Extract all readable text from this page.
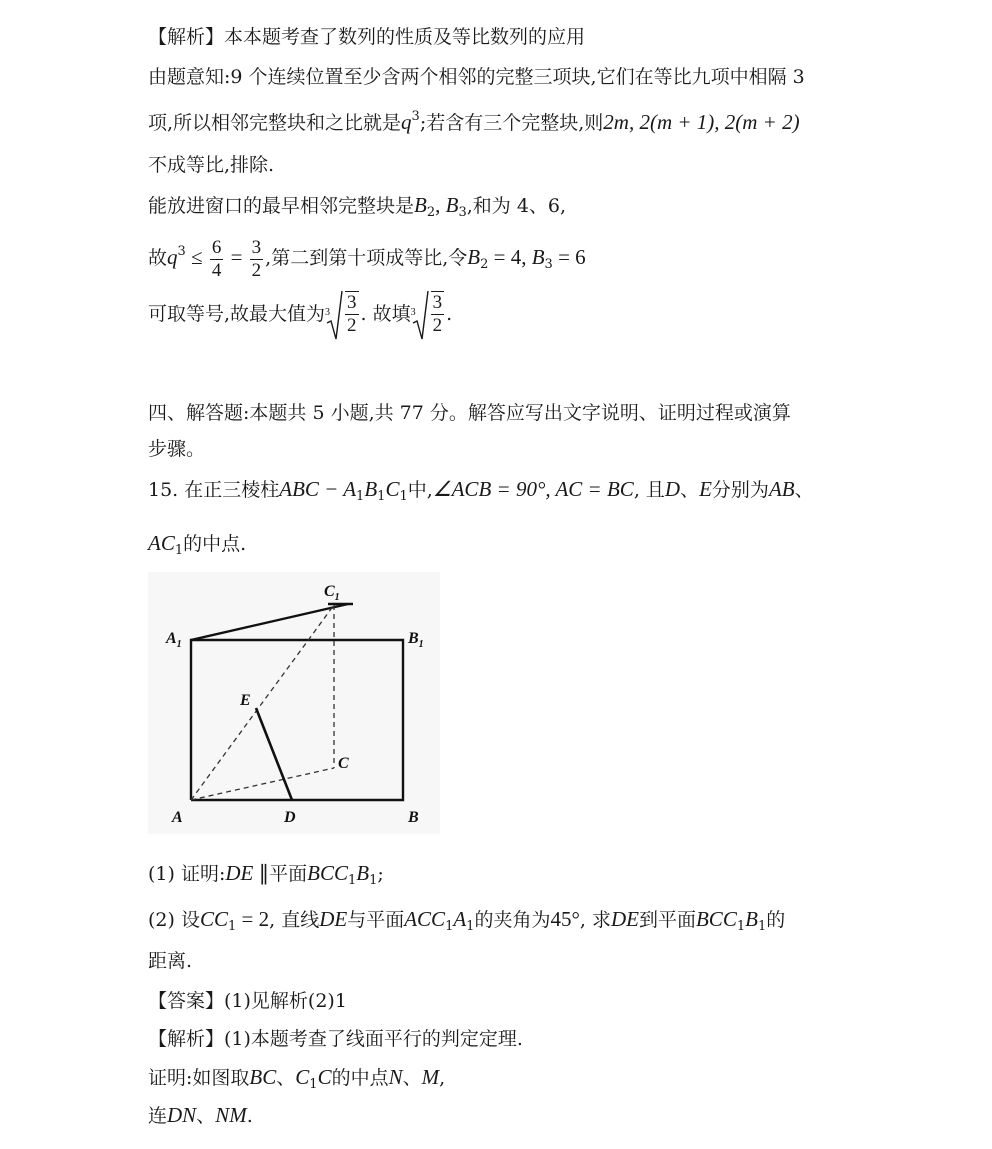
【解析】本本题考查了数列的性质及等比数列的应用
由题意知:9 个连续位置至少含两个相邻的完整三项块,它们在等比九项中相隔 3
项,所以相邻完整块和之比就是$q^3$;若含有三个完整块,则2m, 2(m + 1), 2(m + 2)
不成等比,排除.
能放进窗口的最早相邻完整块是$B_2$, $B_3$,和为 4、6,
故$q^3 \le \frac{6}{4} = \frac{3}{2}$ ,第二到第十项成等比,令$B_2 = 4$, $B_3 = 6$
可取等号,故最大值为 $3 \frac{3}{2}$ . 故填 $3 \frac{3}{2}$ .
四、解答题:本题共 5 小题,共 77 分。解答应写出文字说明、证明过程或演算
步骤。
15. 在正三棱柱ABC − $A_1B_1C_1$中,∠ACB = 90°, AC = BC, 且D、E分别为AB、
$AC_1$的中点.
$A_1$	$B_1$
$C_1$
E
C
A	D	B
(1) 证明:DE ∥平面$BCC_1B_1$;
(2) 设$CC_1 = 2$, 直线DE与平面$ACC_1A_1$的夹角为45°, 求DE到平面$BCC_1B_1$的
距离.
【答案】(1)见解析(2)1
【解析】(1)本题考查了线面平行的判定定理.
证明:如图取BC、$C_1C$的中点N、M,
连DN、NM.
